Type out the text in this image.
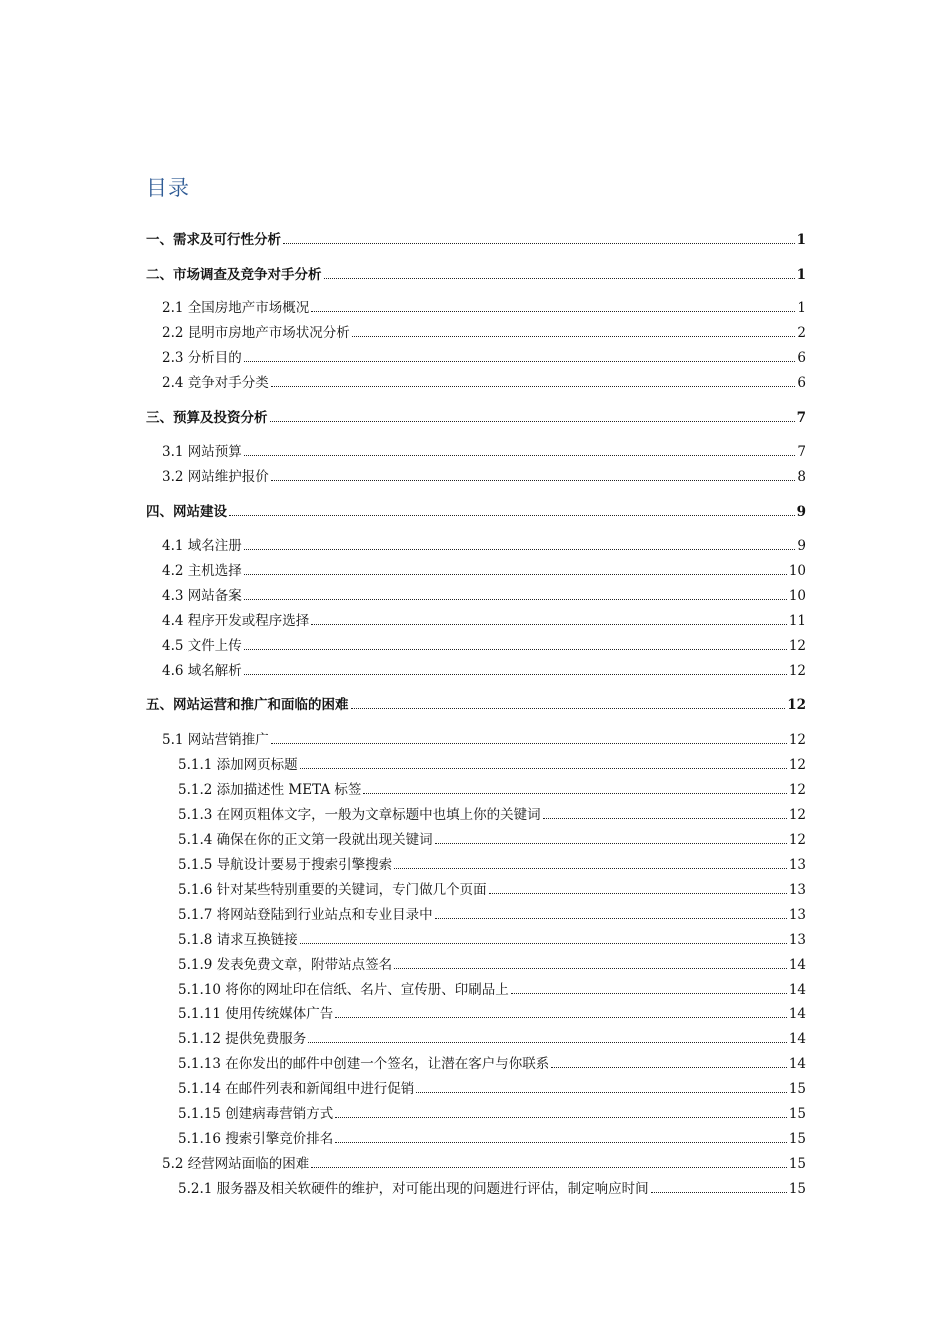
目录
一、需求及可行性分析	1
二、市场调查及竞争对手分析	1
2.1 全国房地产市场概况	1
2.2 昆明市房地产市场状况分析	2
2.3 分析目的	6
2.4 竞争对手分类	6
三、预算及投资分析	7
3.1 网站预算	7
3.2 网站维护报价	8
四、网站建设	9
4.1 域名注册	9
4.2 主机选择	10
4.3 网站备案	10
4.4 程序开发或程序选择	11
4.5 文件上传	12
4.6 域名解析	12
五、网站运营和推广和面临的困难	12
5.1 网站营销推广	12
5.1.1 添加网页标题	12
5.1.2 添加描述性 META 标签	12
5.1.3 在网页粗体文字，一般为文章标题中也填上你的关键词	12
5.1.4 确保在你的正文第一段就出现关键词	12
5.1.5 导航设计要易于搜索引擎搜索	13
5.1.6 针对某些特别重要的关键词，专门做几个页面	13
5.1.7 将网站登陆到行业站点和专业目录中	13
5.1.8 请求互换链接	13
5.1.9 发表免费文章，附带站点签名	14
5.1.10 将你的网址印在信纸、名片、宣传册、印刷品上	14
5.1.11 使用传统媒体广告	14
5.1.12 提供免费服务	14
5.1.13 在你发出的邮件中创建一个签名，让潜在客户与你联系	14
5.1.14 在邮件列表和新闻组中进行促销	15
5.1.15 创建病毒营销方式	15
5.1.16 搜索引擎竞价排名	15
5.2 经营网站面临的困难	15
5.2.1 服务器及相关软硬件的维护，对可能出现的问题进行评估，制定响应时间	15
